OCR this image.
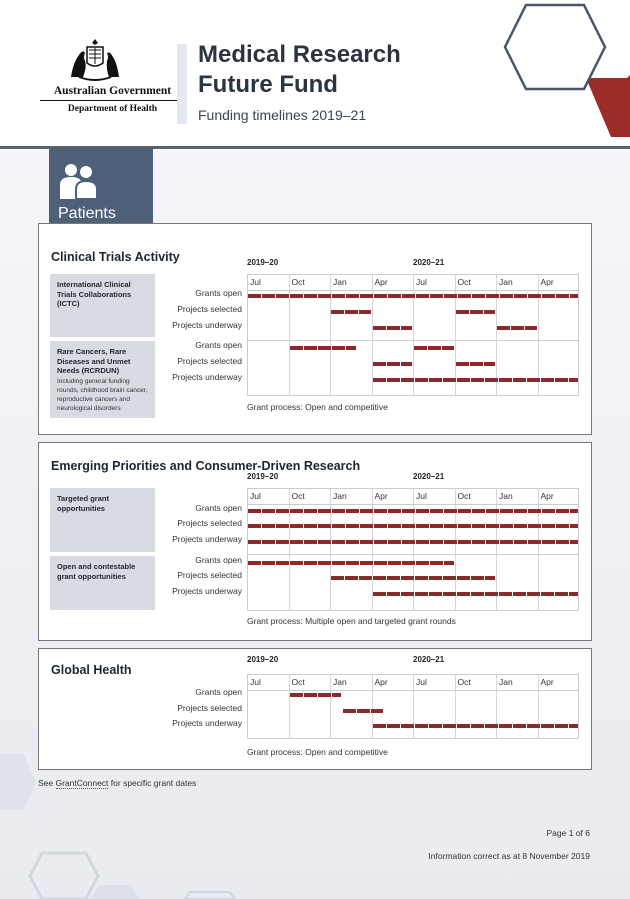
Australian Government
Department of Health
Medical Research Future Fund
Funding timelines 2019–21
Patients
Clinical Trials Activity	2019–20	2020–21
Jul	Oct	Jan	Apr	Jul	Oct	Jan	Apr
International Clinical Trials Collaborations (ICTC)
Grants open
Projects selected
Projects underway
Rare Cancers, Rare Diseases and Unmet Needs (RCRDUN)
Including general funding rounds, childhood brain cancer, reproductive cancers and neurological disorders
Grants open
Projects selected
Projects underway
Grant process: Open and competitive
Emerging Priorities and Consumer-Driven Research
2019–20	2020–21
Jul	Oct	Jan	Apr	Jul	Oct	Jan	Apr
Targeted grant opportunities	Grants open
Projects selected
Projects underway
Open and contestable grant opportunities
Grants open
Projects selected
Projects underway
Grant process: Multiple open and targeted grant rounds
Global Health
2019–20	2020–21
Jul	Oct	Jan	Apr	Jul	Oct	Jan	Apr
Grants open
Projects selected
Projects underway
Grant process: Open and competitive
See GrantConnect for specific grant dates
Page 1 of 6
Information correct as at 8 November 2019
